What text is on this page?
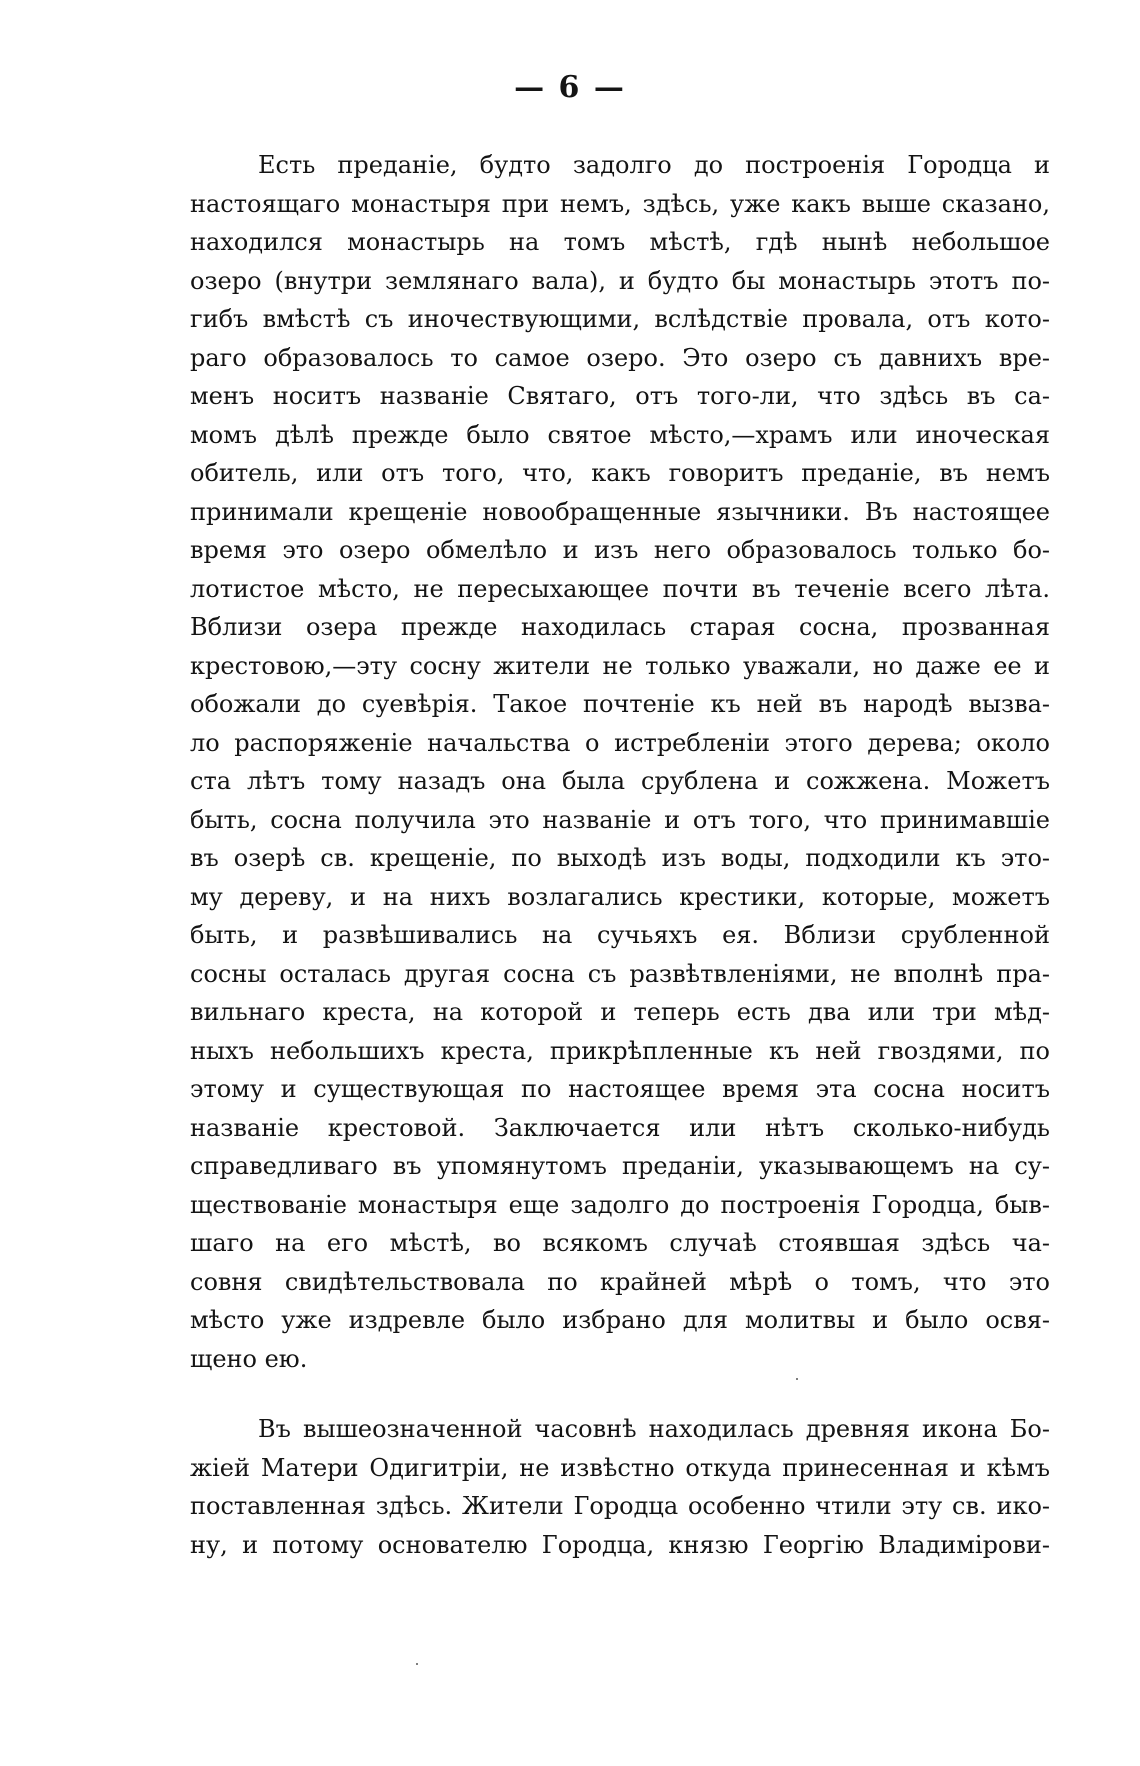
— 6 —
Есть преданіе, будто задолго до построенія Городца и
настоящаго монастыря при немъ, здѣсь, уже какъ выше сказано,
находился монастырь на томъ мѣстѣ, гдѣ нынѣ небольшое
озеро (внутри землянаго вала), и будто бы монастырь этотъ по-
гибъ вмѣстѣ съ иночествующими, вслѣдствіе провала, отъ кото-
раго образовалось то самое озеро. Это озеро съ давнихъ вре-
менъ носитъ названіе Святаго, отъ того-ли, что здѣсь въ са-
момъ дѣлѣ прежде было святое мѣсто,—храмъ или иноческая
обитель, или отъ того, что, какъ говоритъ преданіе, въ немъ
принимали крещеніе новообращенные язычники. Въ настоящее
время это озеро обмелѣло и изъ него образовалось только бо-
лотистое мѣсто, не пересыхающее почти въ теченіе всего лѣта.
Вблизи озера прежде находилась старая сосна, прозванная
крестовою,—эту сосну жители не только уважали, но даже ее и
обожали до суевѣрія. Такое почтеніе къ ней въ народѣ вызва-
ло распоряженіе начальства о истребленіи этого дерева; около
ста лѣтъ тому назадъ она была срублена и сожжена. Можетъ
быть, сосна получила это названіе и отъ того, что принимавшіе
въ озерѣ св. крещеніе, по выходѣ изъ воды, подходили къ это-
му дереву, и на нихъ возлагались крестики, которые, можетъ
быть, и развѣшивались на сучьяхъ ея. Вблизи срубленной
сосны осталась другая сосна съ развѣтвленіями, не вполнѣ пра-
вильнаго креста, на которой и теперь есть два или три мѣд-
ныхъ небольшихъ креста, прикрѣпленные къ ней гвоздями, по
этому и существующая по настоящее время эта сосна носитъ
названіе крестовой. Заключается или нѣтъ сколько-нибудь
справедливаго въ упомянутомъ преданіи, указывающемъ на су-
ществованіе монастыря еще задолго до построенія Городца, быв-
шаго на его мѣстѣ, во всякомъ случаѣ стоявшая здѣсь ча-
совня свидѣтельствовала по крайней мѣрѣ о томъ, что это
мѣсто уже издревле было избрано для молитвы и было освя-
щено ею.
Въ вышеозначенной часовнѣ находилась древняя икона Бо-
жіей Матери Одигитріи, не извѣстно откуда принесенная и кѣмъ
поставленная здѣсь. Жители Городца особенно чтили эту св. ико-
ну, и потому основателю Городца, князю Георгію Владимірови-
